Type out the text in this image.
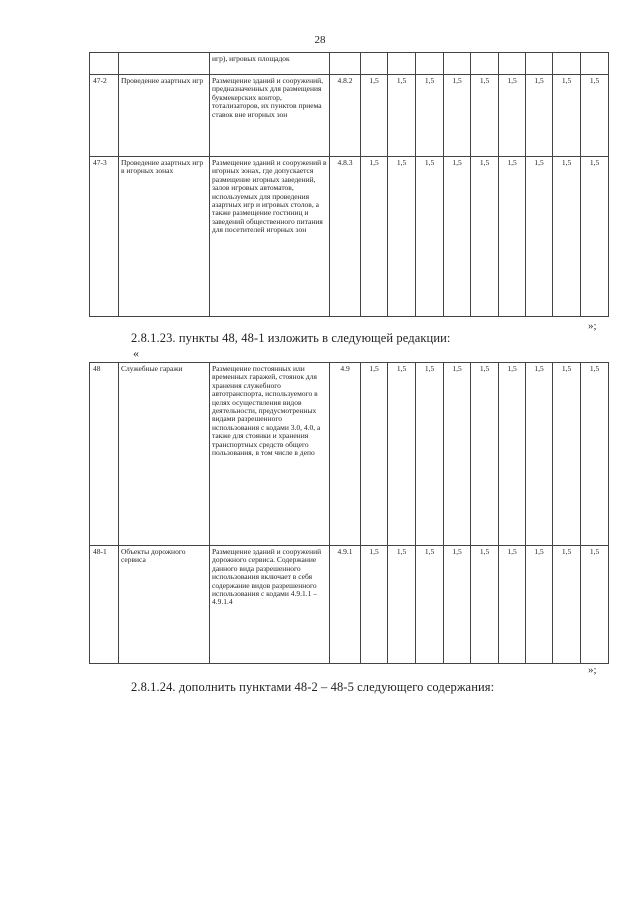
28
		игр), игровых площадок										
47-2	Проведение азартных игр	Размещение зданий и сооружений, предназначенных для размещения букмекерских контор, тотализаторов, их пунктов приема ставок вне игорных зон	4.8.2	1,5	1,5	1,5	1,5	1,5	1,5	1,5	1,5	1,5
47-3	Проведение азартных игр в игорных зонах	Размещение зданий и сооружений в игорных зонах, где допускается размещение игорных заведений, залов игровых автоматов, используемых для проведения азартных игр и игровых столов, а также размещение гостиниц и заведений общественного питания для посетителей игорных зон	4.8.3	1,5	1,5	1,5	1,5	1,5	1,5	1,5	1,5	1,5
»;
2.8.1.23. пункты 48, 48-1 изложить в следующей редакции:
«
48	Служебные гаражи	Размещение постоянных или временных гаражей, стоянок для хранения служебного автотранспорта, используемого в целях осуществления видов деятельности, предусмотренных видами разрешенного использования с кодами 3.0, 4.0, а также для стоянки и хранения транспортных средств общего пользования, в том числе в депо	4.9	1,5	1,5	1,5	1,5	1,5	1,5	1,5	1,5	1,5
48-1	Объекты дорожного сервиса	Размещение зданий и сооружений дорожного сервиса. Содержание данного вида разрешенного использования включает в себя содержание видов разрешенного использования с кодами 4.9.1.1 – 4.9.1.4	4.9.1	1,5	1,5	1,5	1,5	1,5	1,5	1,5	1,5	1,5
»;
2.8.1.24. дополнить пунктами 48-2 – 48-5 следующего содержания:
